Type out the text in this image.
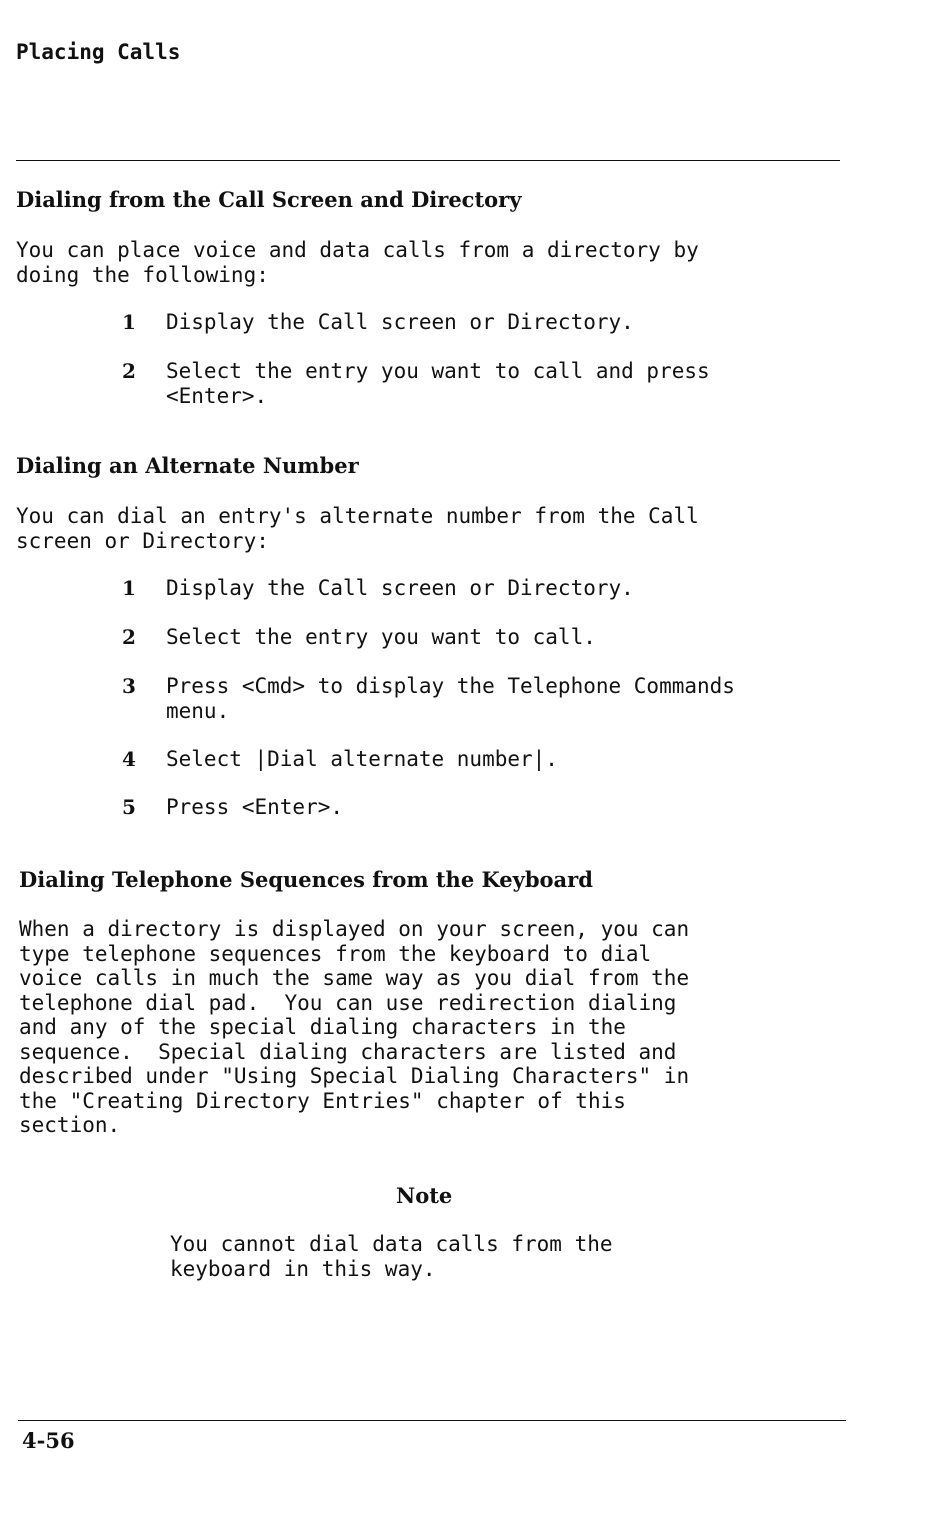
Placing Calls
Dialing from the Call Screen and Directory
You can place voice and data calls from a directory by
doing the following:
1 Display the Call screen or Directory.
2 Select the entry you want to call and press
<Enter>.
Dialing an Alternate Number
You can dial an entry's alternate number from the Call
screen or Directory:
1 Display the Call screen or Directory.
2 Select the entry you want to call.
3 Press <Cmd> to display the Telephone Commands
menu.
4 Select |Dial alternate number|.
5 Press <Enter>.
Dialing Telephone Sequences from the Keyboard
When a directory is displayed on your screen, you can
type telephone sequences from the keyboard to dial
voice calls in much the same way as you dial from the
telephone dial pad.  You can use redirection dialing
and any of the special dialing characters in the
sequence.  Special dialing characters are listed and
described under "Using Special Dialing Characters" in
the "Creating Directory Entries" chapter of this
section.
Note
You cannot dial data calls from the
keyboard in this way.
4-56
